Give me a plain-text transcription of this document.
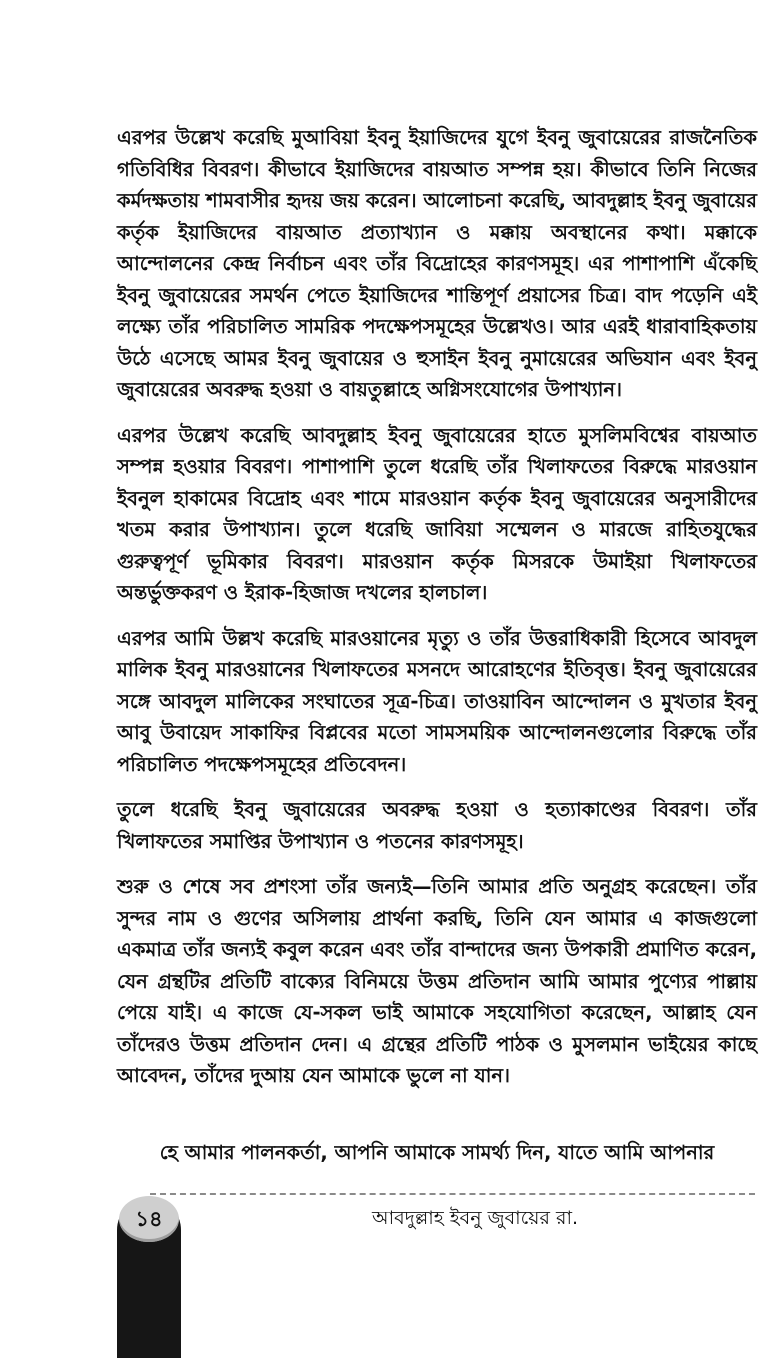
এরপর উল্লেখ করেছি মুআবিয়া ইবনু ইয়াজিদের যুগে ইবনু জুবায়েরের রাজনৈতিক গতিবিধির বিবরণ। কীভাবে ইয়াজিদের বায়আত সম্পন্ন হয়। কীভাবে তিনি নিজের কর্মদক্ষতায় শামবাসীর হৃদয় জয় করেন। আলোচনা করেছি, আবদুল্লাহ ইবনু জুবায়ের কর্তৃক ইয়াজিদের বায়আত প্রত্যাখ্যান ও মক্কায় অবস্থানের কথা। মক্কাকে আন্দোলনের কেন্দ্র নির্বাচন এবং তাঁর বিদ্রোহের কারণসমূহ। এর পাশাপাশি এঁকেছি ইবনু জুবায়েরের সমর্থন পেতে ইয়াজিদের শান্তিপূর্ণ প্রয়াসের চিত্র। বাদ পড়েনি এই লক্ষ্যে তাঁর পরিচালিত সামরিক পদক্ষেপসমূহের উল্লেখও। আর এরই ধারাবাহিকতায় উঠে এসেছে আমর ইবনু জুবায়ের ও হুসাইন ইবনু নুমায়েরের অভিযান এবং ইবনু জুবায়েরের অবরুদ্ধ হওয়া ও বায়তুল্লাহে অগ্নিসংযোগের উপাখ্যান।

এরপর উল্লেখ করেছি আবদুল্লাহ ইবনু জুবায়েরের হাতে মুসলিমবিশ্বের বায়আত সম্পন্ন হওয়ার বিবরণ। পাশাপাশি তুলে ধরেছি তাঁর খিলাফতের বিরুদ্ধে মারওয়ান ইবনুল হাকামের বিদ্রোহ এবং শামে মারওয়ান কর্তৃক ইবনু জুবায়েরের অনুসারীদের খতম করার উপাখ্যান। তুলে ধরেছি জাবিয়া সম্মেলন ও মারজে রাহিতযুদ্ধের গুরুত্বপূর্ণ ভূমিকার বিবরণ। মারওয়ান কর্তৃক মিসরকে উমাইয়া খিলাফতের অন্তর্ভুক্তকরণ ও ইরাক-হিজাজ দখলের হালচাল।

এরপর আমি উল্লখ করেছি মারওয়ানের মৃত্যু ও তাঁর উত্তরাধিকারী হিসেবে আবদুল মালিক ইবনু মারওয়ানের খিলাফতের মসনদে আরোহণের ইতিবৃত্ত। ইবনু জুবায়েরের সঙ্গে আবদুল মালিকের সংঘাতের সূত্র-চিত্র। তাওয়াবিন আন্দোলন ও মুখতার ইবনু আবু উবায়েদ সাকাফির বিপ্লবের মতো সামসময়িক আন্দোলনগুলোর বিরুদ্ধে তাঁর পরিচালিত পদক্ষেপসমূহের প্রতিবেদন।

তুলে ধরেছি ইবনু জুবায়েরের অবরুদ্ধ হওয়া ও হত্যাকাণ্ডের বিবরণ। তাঁর খিলাফতের সমাপ্তির উপাখ্যান ও পতনের কারণসমূহ।

শুরু ও শেষে সব প্রশংসা তাঁর জন্যই—তিনি আমার প্রতি অনুগ্রহ করেছেন। তাঁর সুন্দর নাম ও গুণের অসিলায় প্রার্থনা করছি, তিনি যেন আমার এ কাজগুলো একমাত্র তাঁর জন্যই কবুল করেন এবং তাঁর বান্দাদের জন্য উপকারী প্রমাণিত করেন, যেন গ্রন্থটির প্রতিটি বাক্যের বিনিময়ে উত্তম প্রতিদান আমি আমার পুণ্যের পাল্লায় পেয়ে যাই। এ কাজে যে-সকল ভাই আমাকে সহযোগিতা করেছেন, আল্লাহ যেন তাঁদেরও উত্তম প্রতিদান দেন। এ গ্রন্থের প্রতিটি পাঠক ও মুসলমান ভাইয়ের কাছে আবেদন, তাঁদের দুআয় যেন আমাকে ভুলে না যান।

হে আমার পালনকর্তা, আপনি আমাকে সামর্থ্য দিন, যাতে আমি আপনার
১৪	আবদুল্লাহ ইবনু জুবায়ের রা.
